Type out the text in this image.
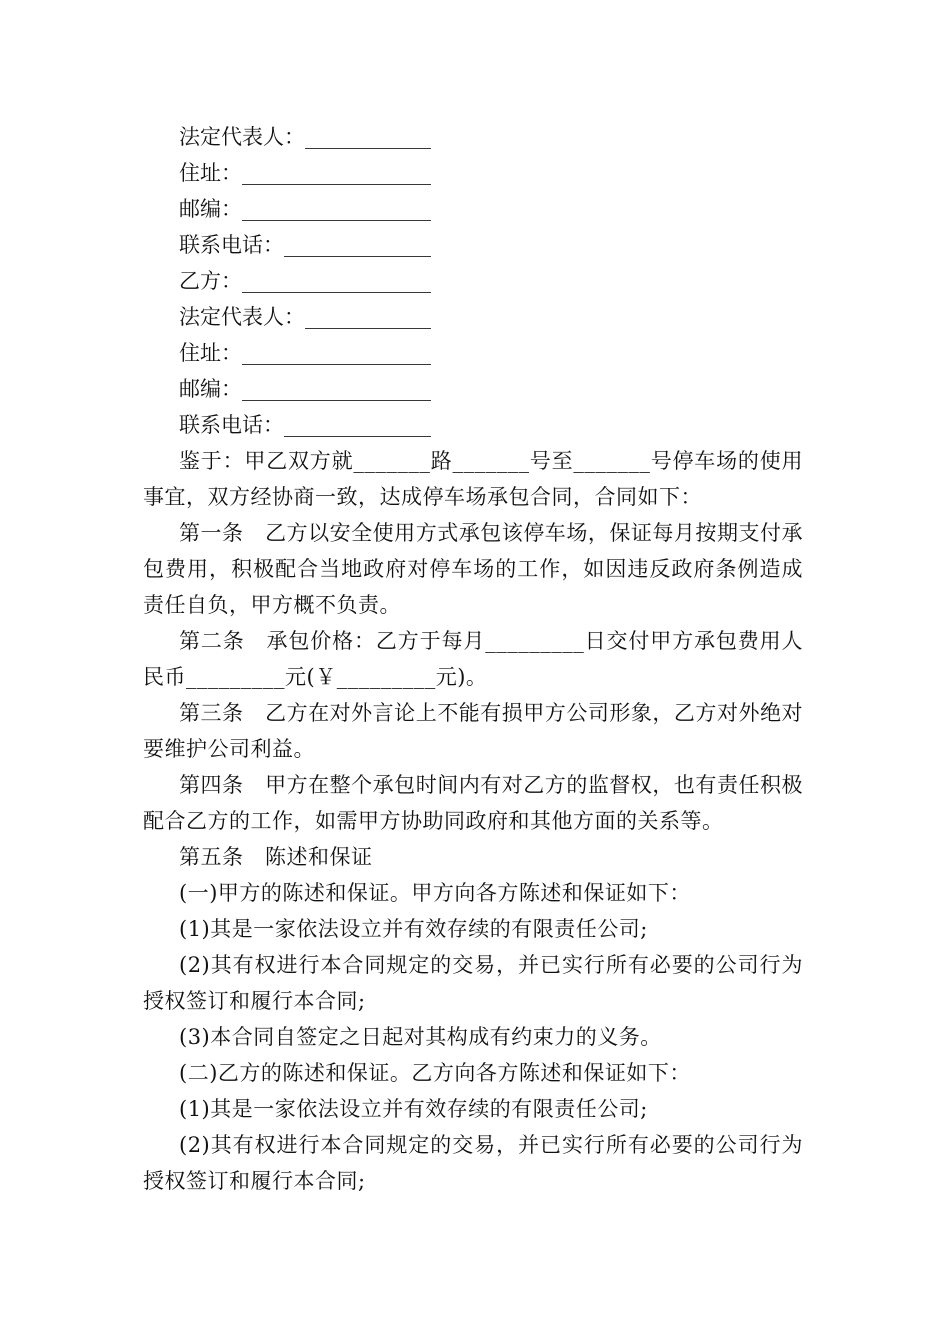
法定代表人：____________

住址：__________________

邮编：__________________

联系电话：______________

乙方：__________________

法定代表人：____________

住址：__________________

邮编：__________________

联系电话：______________

鉴于：甲乙双方就_______路_______号至_______号停车场的使用事宜，双方经协商一致，达成停车场承包合同，合同如下：

第一条　乙方以安全使用方式承包该停车场，保证每月按期支付承包费用，积极配合当地政府对停车场的工作，如因违反政府条例造成责任自负，甲方概不负责。

第二条　承包价格：乙方于每月_________日交付甲方承包费用人民币_________元(￥_________元)。

第三条　乙方在对外言论上不能有损甲方公司形象，乙方对外绝对要维护公司利益。

第四条　甲方在整个承包时间内有对乙方的监督权，也有责任积极配合乙方的工作，如需甲方协助同政府和其他方面的关系等。

第五条　陈述和保证

(一)甲方的陈述和保证。甲方向各方陈述和保证如下：

(1)其是一家依法设立并有效存续的有限责任公司;

(2)其有权进行本合同规定的交易，并已实行所有必要的公司行为授权签订和履行本合同;

(3)本合同自签定之日起对其构成有约束力的义务。

(二)乙方的陈述和保证。乙方向各方陈述和保证如下：

(1)其是一家依法设立并有效存续的有限责任公司;

(2)其有权进行本合同规定的交易，并已实行所有必要的公司行为授权签订和履行本合同;
